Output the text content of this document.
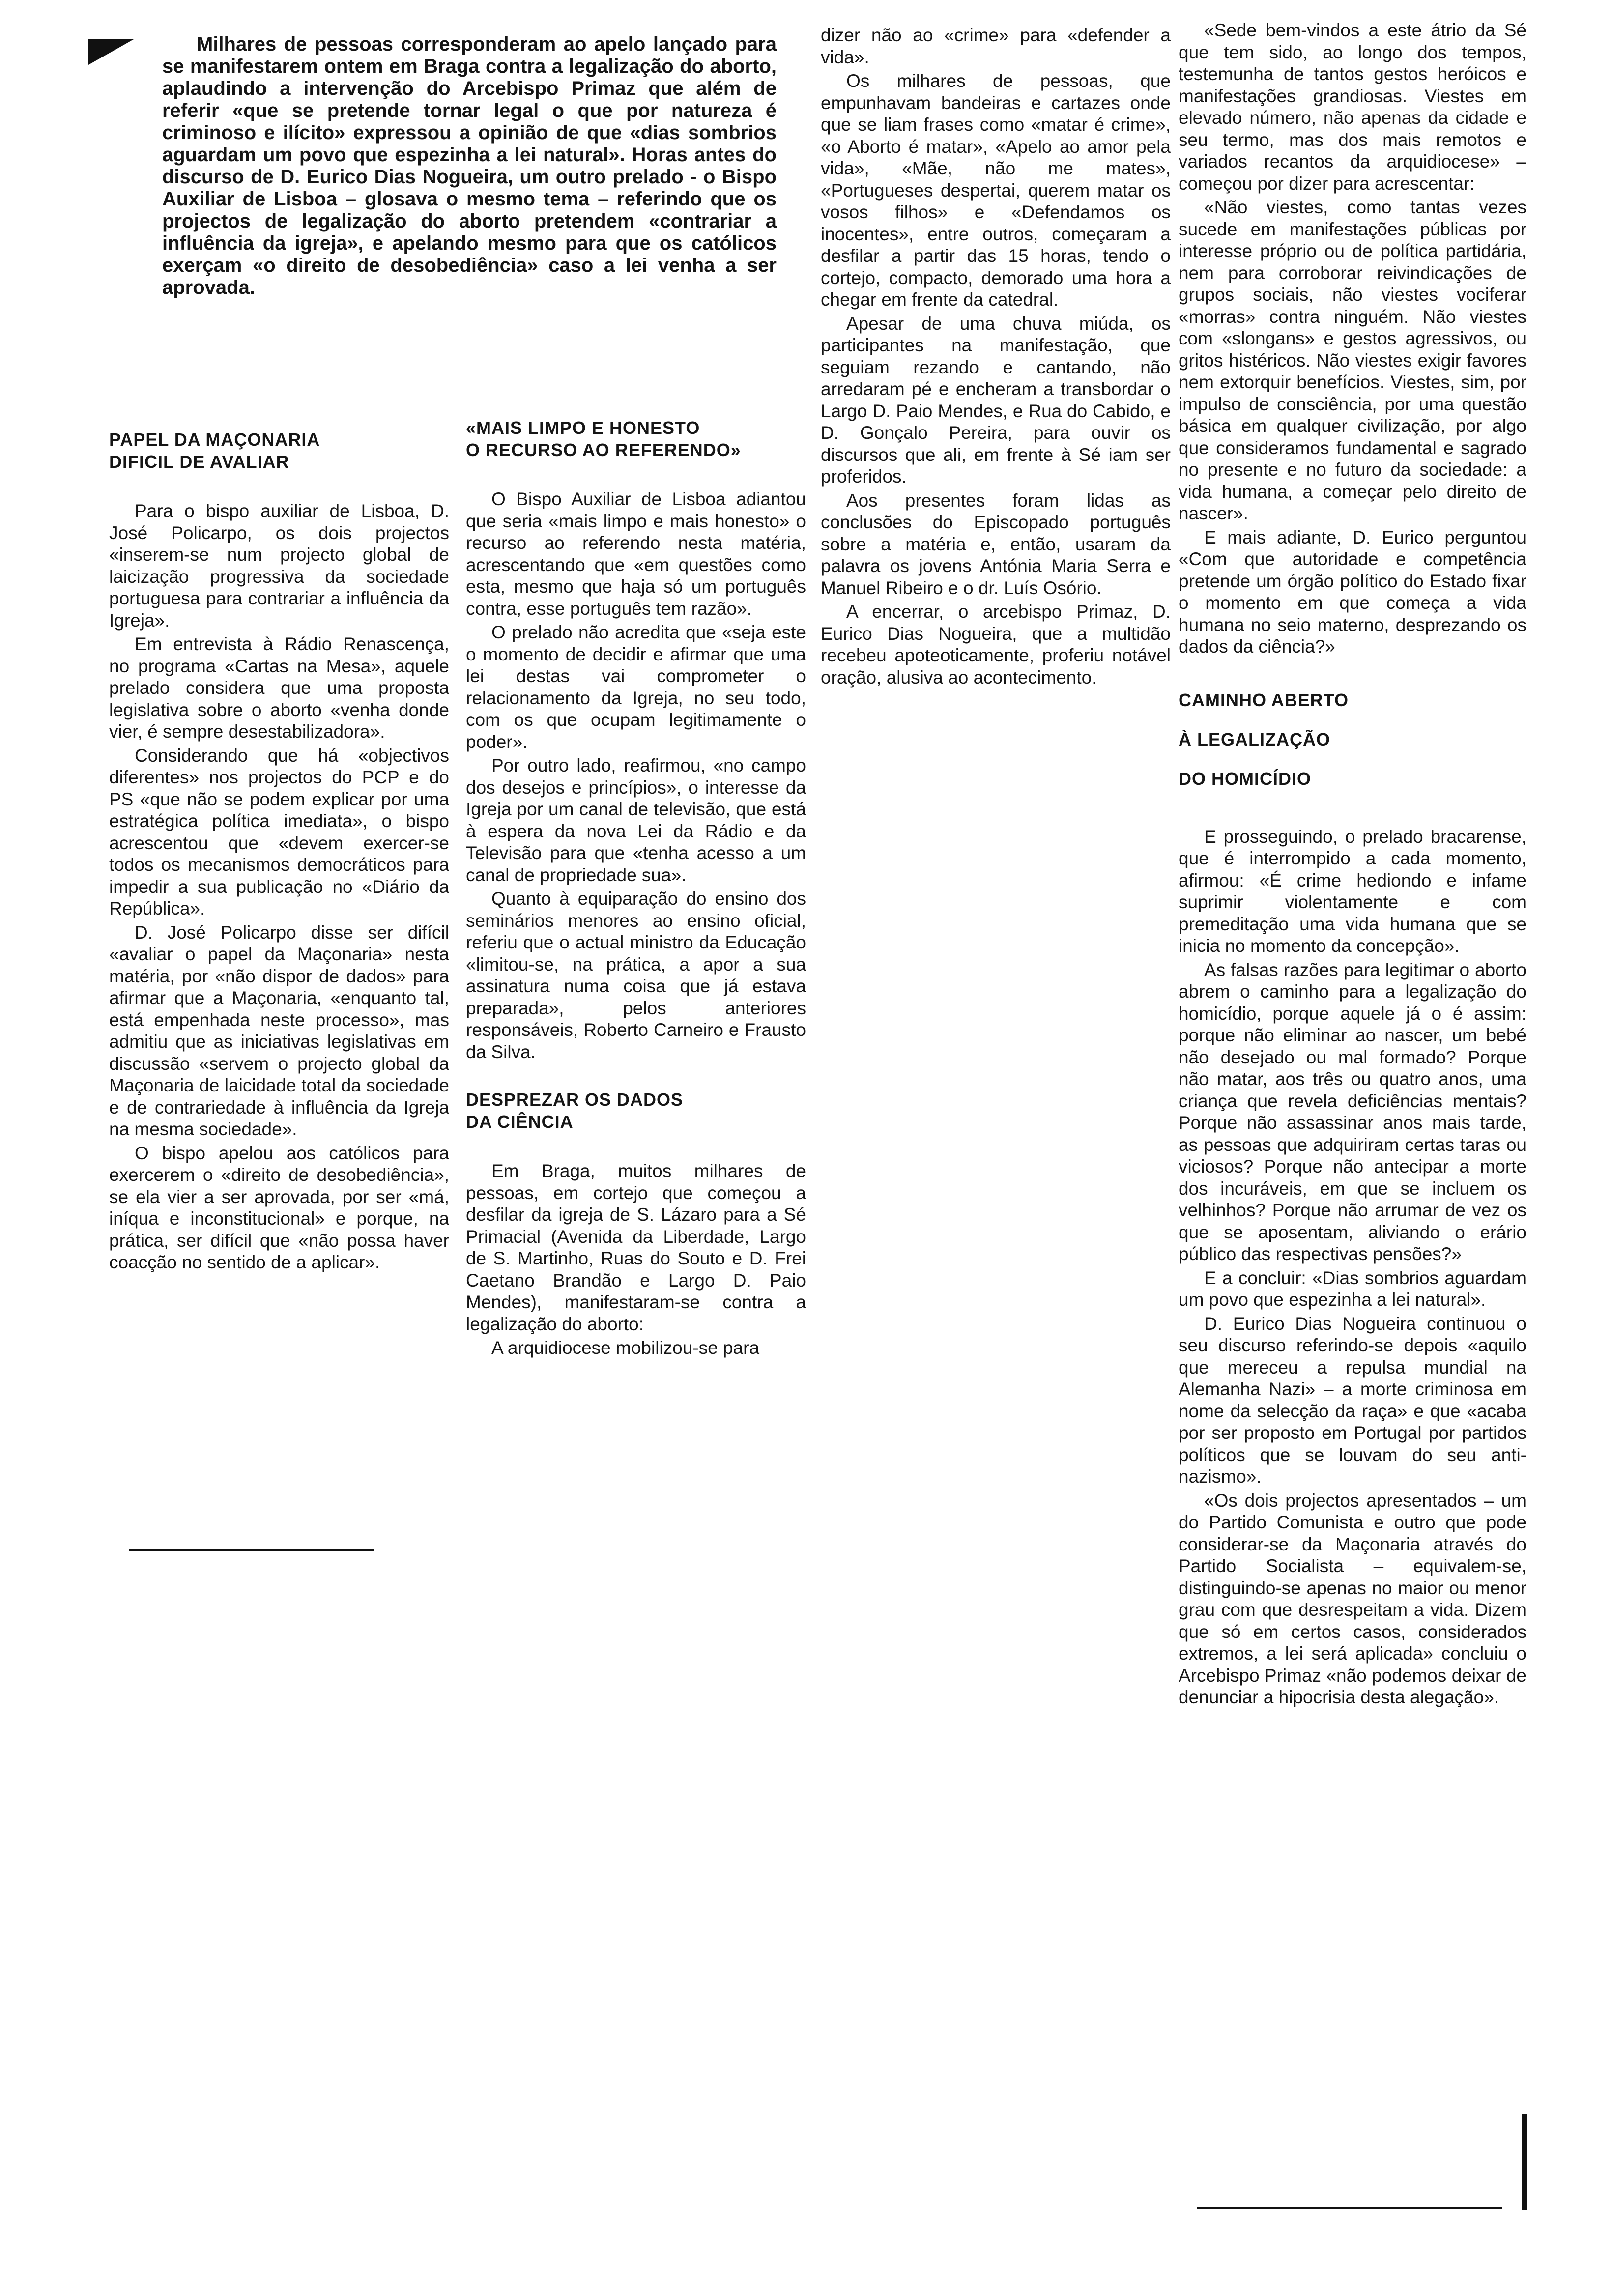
Milhares de pessoas corresponderam ao apelo lançado para se manifestarem ontem em Braga contra a legalização do aborto, aplaudindo a intervenção do Arcebispo Primaz que além de referir «que se pretende tornar legal o que por natureza é criminoso e ilícito» expressou a opinião de que «dias sombrios aguardam um povo que espezinha a lei natural». Horas antes do discurso de D. Eurico Dias Nogueira, um outro prelado - o Bispo Auxiliar de Lisboa – glosava o mesmo tema – referindo que os projectos de legalização do aborto pretendem «contrariar a influência da igreja», e apelando mesmo para que os católicos exerçam «o direito de desobediência» caso a lei venha a ser aprovada.

PAPEL DA MAÇONARIA
DIFICIL DE AVALIAR

Para o bispo auxiliar de Lisboa, D. José Policarpo, os dois projectos «inserem-se num projecto global de laicização progressiva da sociedade portuguesa para contrariar a influência da Igreja».

Em entrevista à Rádio Renascença, no programa «Cartas na Mesa», aquele prelado considera que uma proposta legislativa sobre o aborto «venha donde vier, é sempre desestabilizadora».

Considerando que há «objectivos diferentes» nos projectos do PCP e do PS «que não se podem explicar por uma estratégica política imediata», o bispo acrescentou que «devem exercer-se todos os mecanismos democráticos para impedir a sua publicação no «Diário da República».

D. José Policarpo disse ser difícil «avaliar o papel da Maçonaria» nesta matéria, por «não dispor de dados» para afirmar que a Maçonaria, «enquanto tal, está empenhada neste processo», mas admitiu que as iniciativas legislativas em discussão «servem o projecto global da Maçonaria de laicidade total da sociedade e de contrariedade à influência da Igreja na mesma sociedade».

O bispo apelou aos católicos para exercerem o «direito de desobediência», se ela vier a ser aprovada, por ser «má, iníqua e inconstitucional» e porque, na prática, ser difícil que «não possa haver coacção no sentido de a aplicar».

«MAIS LIMPO E HONESTO
O RECURSO AO REFERENDO»

O Bispo Auxiliar de Lisboa adiantou que seria «mais limpo e mais honesto» o recurso ao referendo nesta matéria, acrescentando que «em questões como esta, mesmo que haja só um português contra, esse português tem razão».

O prelado não acredita que «seja este o momento de decidir e afirmar que uma lei destas vai comprometer o relacionamento da Igreja, no seu todo, com os que ocupam legitimamente o poder».

Por outro lado, reafirmou, «no campo dos desejos e princípios», o interesse da Igreja por um canal de televisão, que está à espera da nova Lei da Rádio e da Televisão para que «tenha acesso a um canal de propriedade sua».

Quanto à equiparação do ensino dos seminários menores ao ensino oficial, referiu que o actual ministro da Educação «limitou-se, na prática, a apor a sua assinatura numa coisa que já estava preparada», pelos anteriores responsáveis, Roberto Carneiro e Frausto da Silva.

DESPREZAR OS DADOS
DA CIÊNCIA

Em Braga, muitos milhares de pessoas, em cortejo que começou a desfilar da igreja de S. Lázaro para a Sé Primacial (Avenida da Liberdade, Largo de S. Martinho, Ruas do Souto e D. Frei Caetano Brandão e Largo D. Paio Mendes), manifestaram-se contra a legalização do aborto:

A arquidiocese mobilizou-se para

dizer não ao «crime» para «defender a vida».

Os milhares de pessoas, que empunhavam bandeiras e cartazes onde que se liam frases como «matar é crime», «o Aborto é matar», «Apelo ao amor pela vida», «Mãe, não me mates», «Portugueses despertai, querem matar os vosos filhos» e «Defendamos os inocentes», entre outros, começaram a desfilar a partir das 15 horas, tendo o cortejo, compacto, demorado uma hora a chegar em frente da catedral.

Apesar de uma chuva miúda, os participantes na manifestação, que seguiam rezando e cantando, não arredaram pé e encheram a transbordar o Largo D. Paio Mendes, e Rua do Cabido, e D. Gonçalo Pereira, para ouvir os discursos que ali, em frente à Sé iam ser proferidos.

Aos presentes foram lidas as conclusões do Episcopado português sobre a matéria e, então, usaram da palavra os jovens Antónia Maria Serra e Manuel Ribeiro e o dr. Luís Osório.

A encerrar, o arcebispo Primaz, D. Eurico Dias Nogueira, que a multidão recebeu apoteoticamente, proferiu notável oração, alusiva ao acontecimento.

«Sede bem-vindos a este átrio da Sé que tem sido, ao longo dos tempos, testemunha de tantos gestos heróicos e manifestações grandiosas. Viestes em elevado número, não apenas da cidade e seu termo, mas dos mais remotos e variados recantos da arquidiocese» – começou por dizer para acrescentar:

«Não viestes, como tantas vezes sucede em manifestações públicas por interesse próprio ou de política partidária, nem para corroborar reivindicações de grupos sociais, não viestes vociferar «morras» contra ninguém. Não viestes com «slongans» e gestos agressivos, ou gritos histéricos. Não viestes exigir favores nem extorquir benefícios. Viestes, sim, por impulso de consciência, por uma questão básica em qualquer civilização, por algo que consideramos fundamental e sagrado no presente e no futuro da sociedade: a vida humana, a começar pelo direito de nascer».

E mais adiante, D. Eurico perguntou «Com que autoridade e competência pretende um órgão político do Estado fixar o momento em que começa a vida humana no seio materno, desprezando os dados da ciência?»

CAMINHO ABERTO
À LEGALIZAÇÃO
DO HOMICÍDIO

E prosseguindo, o prelado bracarense, que é interrompido a cada momento, afirmou: «É crime hediondo e infame suprimir violentamente e com premeditação uma vida humana que se inicia no momento da concepção».

As falsas razões para legitimar o aborto abrem o caminho para a legalização do homicídio, porque aquele já o é assim: porque não eliminar ao nascer, um bebé não desejado ou mal formado? Porque não matar, aos três ou quatro anos, uma criança que revela deficiências mentais? Porque não assassinar anos mais tarde, as pessoas que adquiriram certas taras ou viciosos? Porque não antecipar a morte dos incuráveis, em que se incluem os velhinhos? Porque não arrumar de vez os que se aposentam, aliviando o erário público das respectivas pensões?»

E a concluir: «Dias sombrios aguardam um povo que espezinha a lei natural».

D. Eurico Dias Nogueira continuou o seu discurso referindo-se depois «aquilo que mereceu a repulsa mundial na Alemanha Nazi» – a morte criminosa em nome da selecção da raça» e que «acaba por ser proposto em Portugal por partidos políticos que se louvam do seu anti-nazismo».

«Os dois projectos apresentados – um do Partido Comunista e outro que pode considerar-se da Maçonaria através do Partido Socialista – equivalem-se, distinguindo-se apenas no maior ou menor grau com que desrespeitam a vida. Dizem que só em certos casos, considerados extremos, a lei será aplicada» concluiu o Arcebispo Primaz «não podemos deixar de denunciar a hipocrisia desta alegação».
